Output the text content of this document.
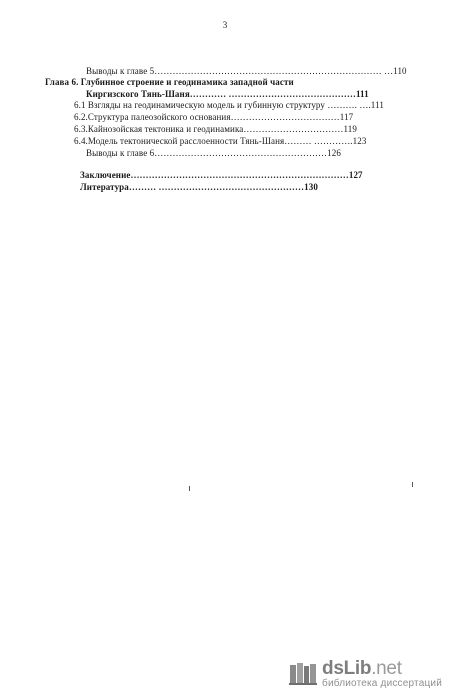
3
Выводы к главе 5………………………………………………………………… …110
Глава 6. Глубинное строение и геодинамика западной части
Киргизского Тянь-Шаня………… ……………………………………111
6.1 Взгляды на геодинамическую модель и губинную структуру ………. ….111
6.2.Структура палеозойского основания………………………………117
6.3.Кайнозойская тектоника и геодинамика……………………………119
6.4.Модель тектонической расслоенности Тянь-Шаня……… ………….123
Выводы к главе 6…………………………………………………126
Заключение………………………………………………………………127
Литература……… …………………………………………130
dsLib.net
библиотека диссертаций
